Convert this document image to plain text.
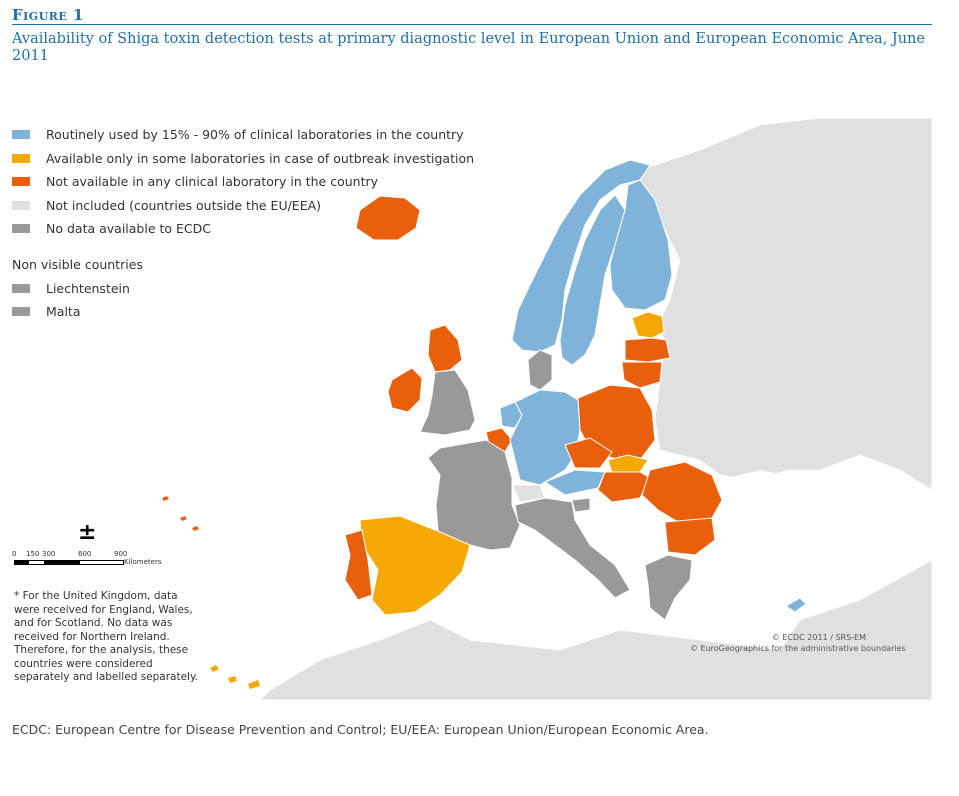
Figure 1
Availability of Shiga toxin detection tests at primary diagnostic level in European Union and European Economic Area, June 2011
Routinely used by 15% - 90% of clinical laboratories in the country
Available only in some laboratories in case of outbreak investigation
Not available in any clinical laboratory in the country
Not included (countries outside the EU/EEA)
No data available to ECDC
Non visible countries
Liechtenstein
Malta
±
0 150 300	600	900
Kilometers
* For the United Kingdom, data were received for England, Wales, and for Scotland. No data was received for Northern Ireland. Therefore, for the analysis, these countries were considered separately and labelled separately.
© ECDC 2011 / SRS-EM
© EuroGeographics for the administrative boundaries
ECDC: European Centre for Disease Prevention and Control; EU/EEA: European Union/European Economic Area.
